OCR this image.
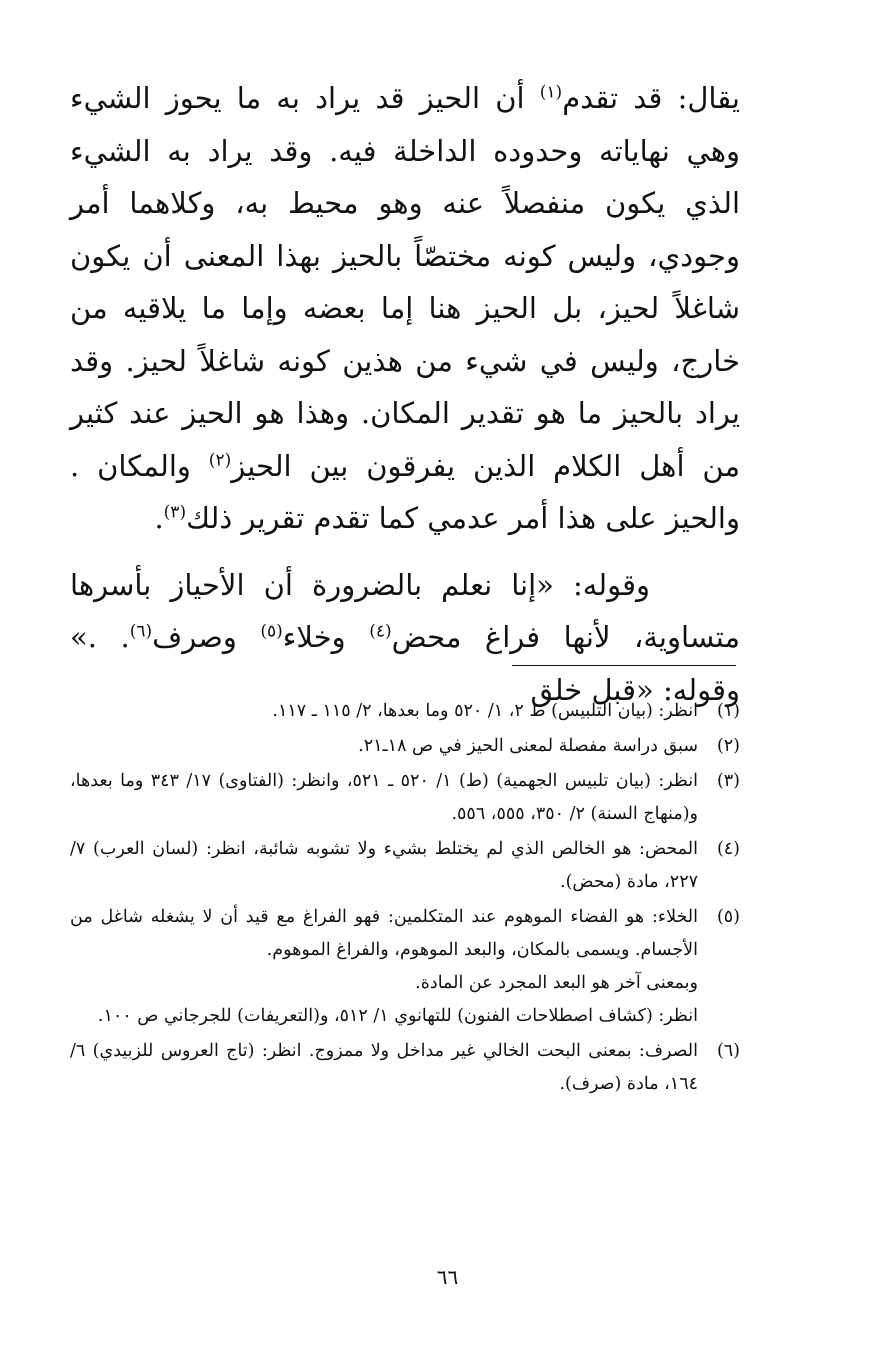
يقال: قد تقدم$^{(١)}$ أن الحيز قد يراد به ما يحوز الشيء وهي نهاياته وحدوده الداخلة فيه. وقد يراد به الشيء الذي يكون منفصلاً عنه وهو محيط به، وكلاهما أمر وجودي، وليس كونه مختصّاً بالحيز بهذا المعنى أن يكون شاغلاً لحيز، بل الحيز هنا إما بعضه وإما ما يلاقيه من خارج، وليس في شيء من هذين كونه شاغلاً لحيز. وقد يراد بالحيز ما هو تقدير المكان. وهذا هو الحيز عند كثير من أهل الكلام الذين يفرقون بين الحيز$^{(٢)}$ والمكان . والحيز على هذا أمر عدمي كما تقدم تقرير ذلك$^{(٣)}$.

وقوله: «إنا نعلم بالضرورة أن الأحياز بأسرها متساوية، لأنها فراغ محض$^{(٤)}$ وخلاء$^{(٥)}$ وصرف$^{(٦)}$. .» وقوله: «قبل خلق

(١)
انظر: (بيان التلبيس) ط ٢، ١/ ٥٢٠ وما بعدها، ٢/ ١١٥ ـ ١١٧.
(٢)
سبق دراسة مفصلة لمعنى الحيز في ص ١٨ـ٢١.
(٣)
انظر: (بيان تلبيس الجهمية) (ط) ١/ ٥٢٠ ـ ٥٢١، وانظر: (الفتاوى) ١٧/ ٣٤٣ وما بعدها، و(منهاج السنة) ٢/ ٣٥٠، ٥٥٥، ٥٥٦.
(٤)
المحض: هو الخالص الذي لم يختلط بشيء ولا تشوبه شائبة، انظر: (لسان العرب) ٧/ ٢٢٧، مادة (محض).
(٥)
الخلاء: هو الفضاء الموهوم عند المتكلمين: فهو الفراغ مع قيد أن لا يشغله شاغل من الأجسام. ويسمى بالمكان، والبعد الموهوم، والفراغ الموهوم.
وبمعنى آخر هو البعد المجرد عن المادة.
انظر: (كشاف اصطلاحات الفنون) للتهانوي ١/ ٥١٢، و(التعريفات) للجرجاني ص ١٠٠.
(٦)
الصرف: بمعنى البحت الخالي غير مداخل ولا ممزوج. انظر: (تاج العروس للزبيدي) ٦/ ١٦٤، مادة (صرف).
٦٦
